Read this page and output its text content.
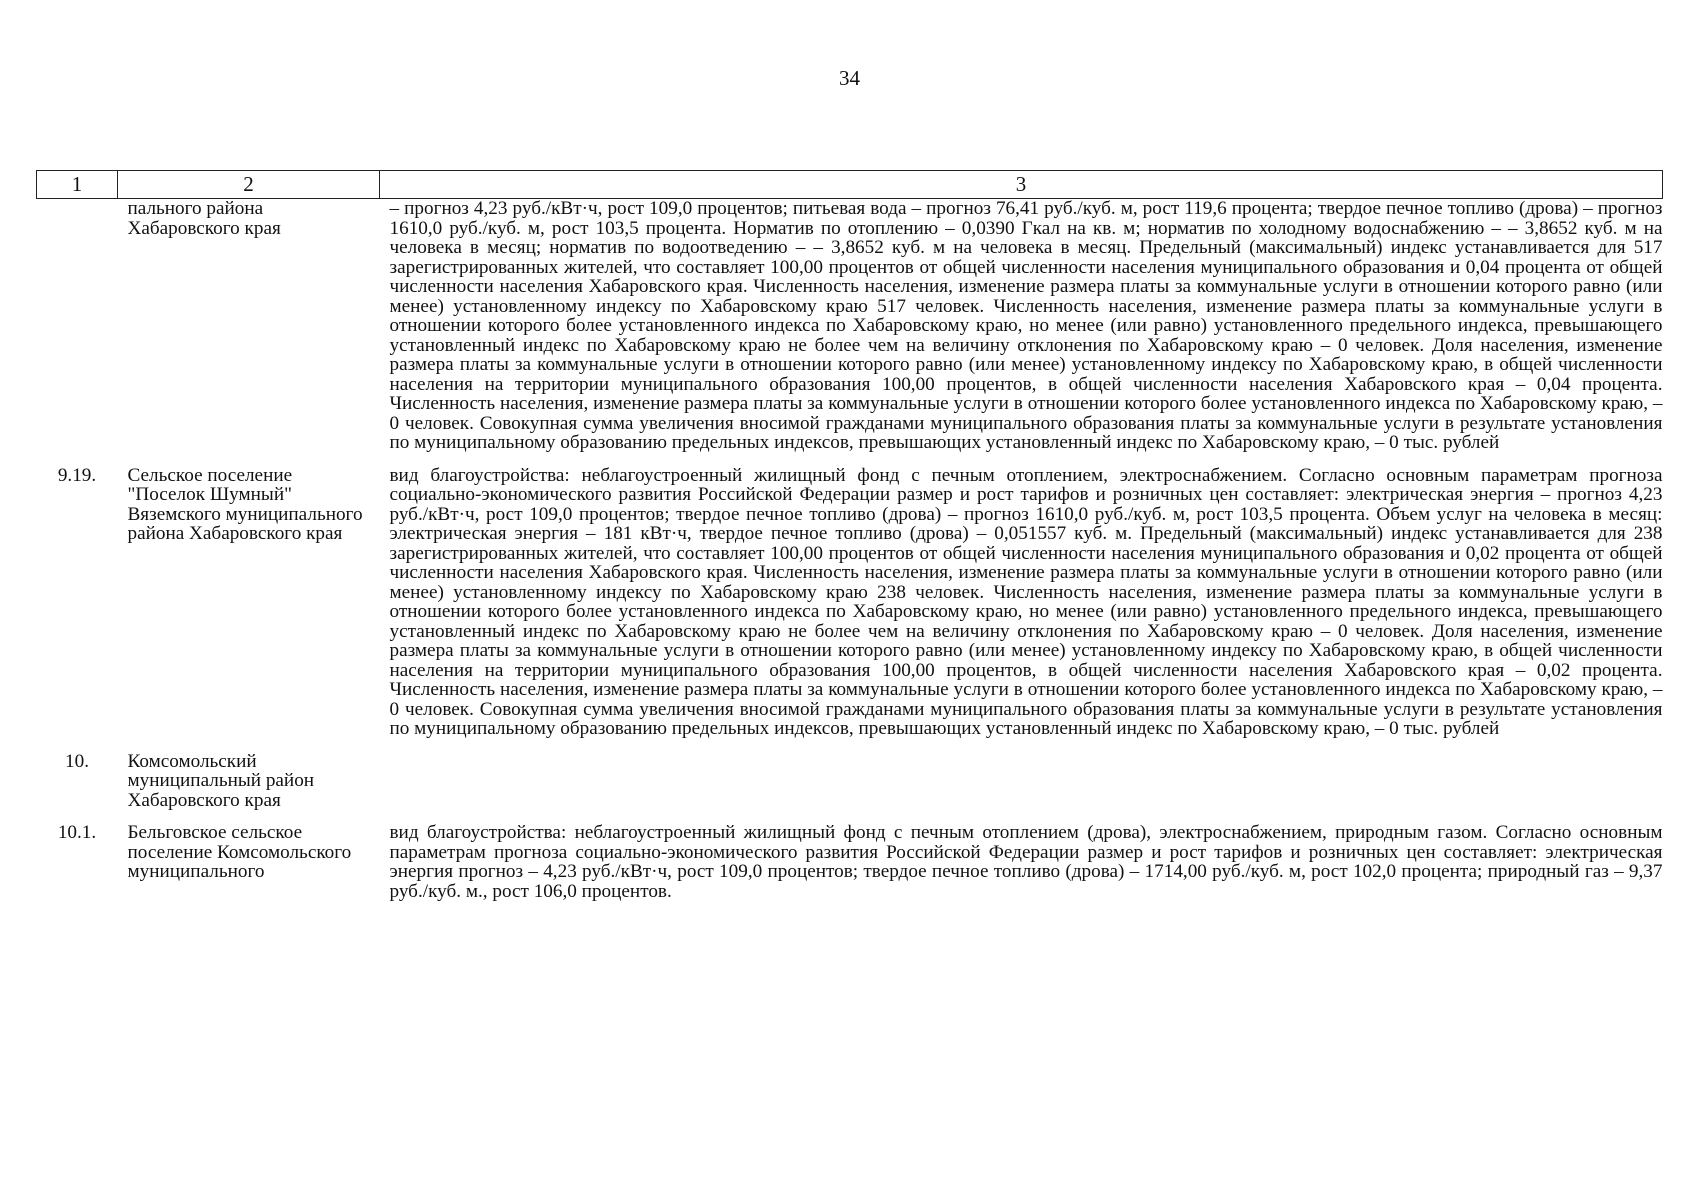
34
1	2	3
	пального района Хабаровского края	– прогноз 4,23 руб./кВт·ч, рост 109,0 процентов; питьевая вода – прогноз 76,41 руб./куб. м, рост 119,6 процента; твердое печное топливо (дрова) – прогноз 1610,0 руб./куб. м, рост 103,5 процента. Норматив по отоплению – 0,0390 Гкал на кв. м; норматив по холодному водоснабжению – – 3,8652 куб. м на человека в месяц; норматив по водоотведению – – 3,8652 куб. м на человека в месяц. Предельный (максимальный) индекс устанавливается для 517 зарегистрированных жителей, что составляет 100,00 процентов от общей численности населения муниципального образования и 0,04 процента от общей численности населения Хабаровского края. Численность населения, изменение размера платы за коммунальные услуги в отношении которого равно (или менее) установленному индексу по Хабаровскому краю 517 человек. Численность населения, изменение размера платы за коммунальные услуги в отношении которого более установленного индекса по Хабаровскому краю, но менее (или равно) установленного предельного индекса, превышающего установленный индекс по Хабаровскому краю не более чем на величину отклонения по Хабаровскому краю – 0 человек. Доля населения, изменение размера платы за коммунальные услуги в отношении которого равно (или менее) установленному индексу по Хабаровскому краю, в общей численности населения на территории муниципального образования 100,00 процентов, в общей численности населения Хабаровского края – 0,04 процента. Численность населения, изменение размера платы за коммунальные услуги в отношении которого более установленного индекса по Хабаровскому краю, – 0 человек. Совокупная сумма увеличения вносимой гражданами муниципального образования платы за коммунальные услуги в результате установления по муниципальному образованию предельных индексов, превышающих установленный индекс по Хабаровскому краю, – 0 тыс. рублей
9.19.	Сельское поселение "Поселок Шумный" Вяземского муниципального района Хабаровского края	вид благоустройства: неблагоустроенный жилищный фонд с печным отоплением, электроснабжением. Согласно основным параметрам прогноза социально-экономического развития Российской Федерации размер и рост тарифов и розничных цен составляет: электрическая энергия – прогноз 4,23 руб./кВт·ч, рост 109,0 процентов; твердое печное топливо (дрова) – прогноз 1610,0 руб./куб. м, рост 103,5 процента. Объем услуг на человека в месяц: электрическая энергия – 181 кВт·ч, твердое печное топливо (дрова) – 0,051557 куб. м. Предельный (максимальный) индекс устанавливается для 238 зарегистрированных жителей, что составляет 100,00 процентов от общей численности населения муниципального образования и 0,02 процента от общей численности населения Хабаровского края. Численность населения, изменение размера платы за коммунальные услуги в отношении которого равно (или менее) установленному индексу по Хабаровскому краю 238 человек. Численность населения, изменение размера платы за коммунальные услуги в отношении которого более установленного индекса по Хабаровскому краю, но менее (или равно) установленного предельного индекса, превышающего установленный индекс по Хабаровскому краю не более чем на величину отклонения по Хабаровскому краю – 0 человек. Доля населения, изменение размера платы за коммунальные услуги в отношении которого равно (или менее) установленному индексу по Хабаровскому краю, в общей численности населения на территории муниципального образования 100,00 процентов, в общей численности населения Хабаровского края – 0,02 процента. Численность населения, изменение размера платы за коммунальные услуги в отношении которого более установленного индекса по Хабаровскому краю, – 0 человек. Совокупная сумма увеличения вносимой гражданами муниципального образования платы за коммунальные услуги в результате установления по муниципальному образованию предельных индексов, превышающих установленный индекс по Хабаровскому краю, – 0 тыс. рублей
10.	Комсомольский муниципальный район Хабаровского края	
10.1.	Бельговское сельское поселение Комсомольского муниципального	вид благоустройства: неблагоустроенный жилищный фонд с печным отоплением (дрова), электроснабжением, природным газом. Согласно основным параметрам прогноза социально-экономического развития Российской Федерации размер и рост тарифов и розничных цен составляет: электрическая энергия прогноз – 4,23 руб./кВт·ч, рост 109,0 процентов; твердое печное топливо (дрова) – 1714,00 руб./куб. м, рост 102,0 процента; природный газ – 9,37 руб./куб. м., рост 106,0 процентов.
